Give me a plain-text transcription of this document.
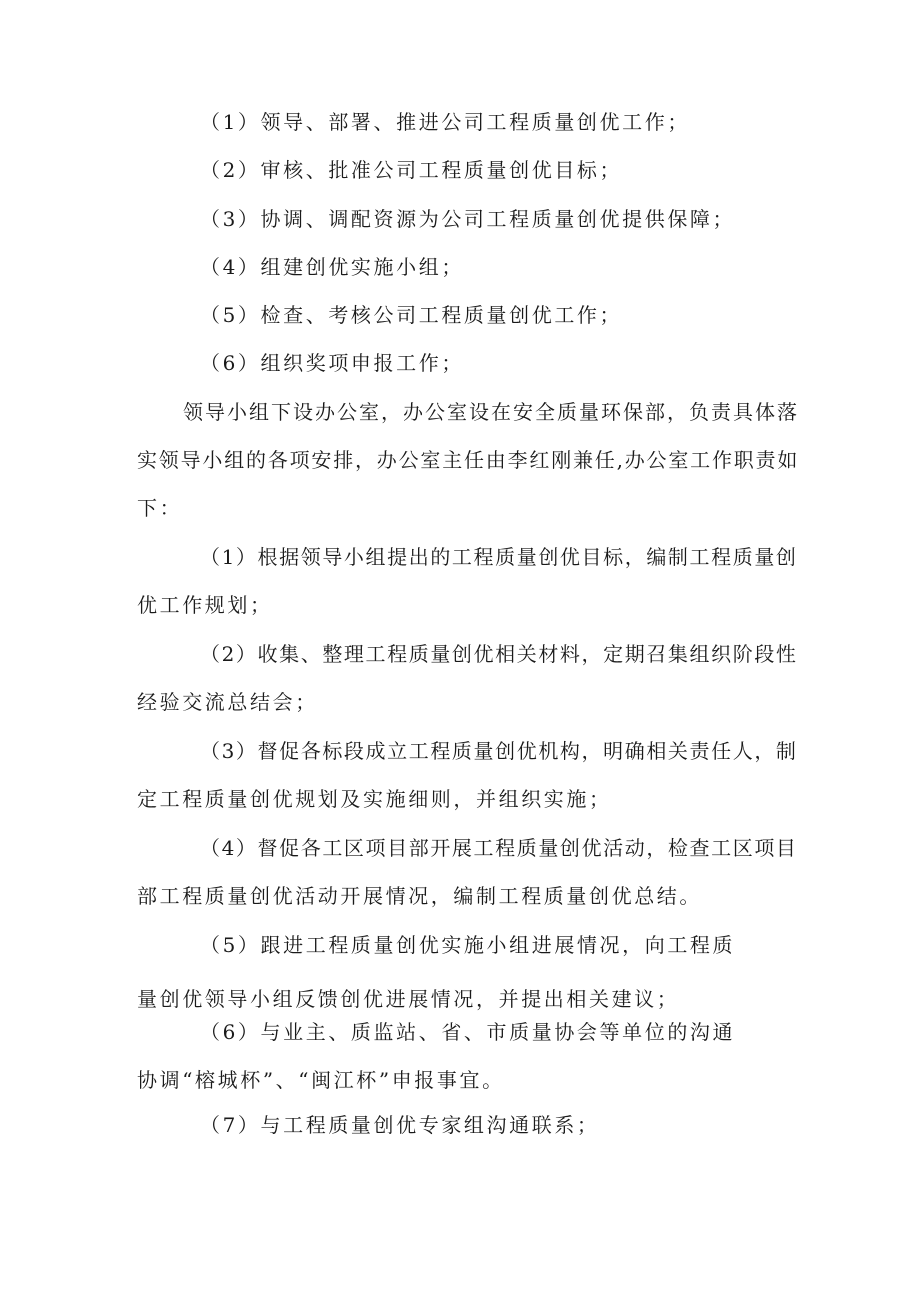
（1）领导、部署、推进公司工程质量创优工作；
（2）审核、批准公司工程质量创优目标；
（3）协调、调配资源为公司工程质量创优提供保障；
（4）组建创优实施小组；
（5）检查、考核公司工程质量创优工作；
（6）组织奖项申报工作；
领导小组下设办公室，办公室设在安全质量环保部，负责具体落
实领导小组的各项安排，办公室主任由李红刚兼任,办公室工作职责如
下：
（1）根据领导小组提出的工程质量创优目标，编制工程质量创
优工作规划；
（2）收集、整理工程质量创优相关材料，定期召集组织阶段性
经验交流总结会；
（3）督促各标段成立工程质量创优机构，明确相关责任人，制
定工程质量创优规划及实施细则，并组织实施；
（4）督促各工区项目部开展工程质量创优活动，检查工区项目
部工程质量创优活动开展情况，编制工程质量创优总结。
（5）跟进工程质量创优实施小组进展情况，向工程质
量创优领导小组反馈创优进展情况，并提出相关建议；
（6）与业主、质监站、省、市质量协会等单位的沟通
协调“榕城杯”、“闽江杯”申报事宜。
（7）与工程质量创优专家组沟通联系；
